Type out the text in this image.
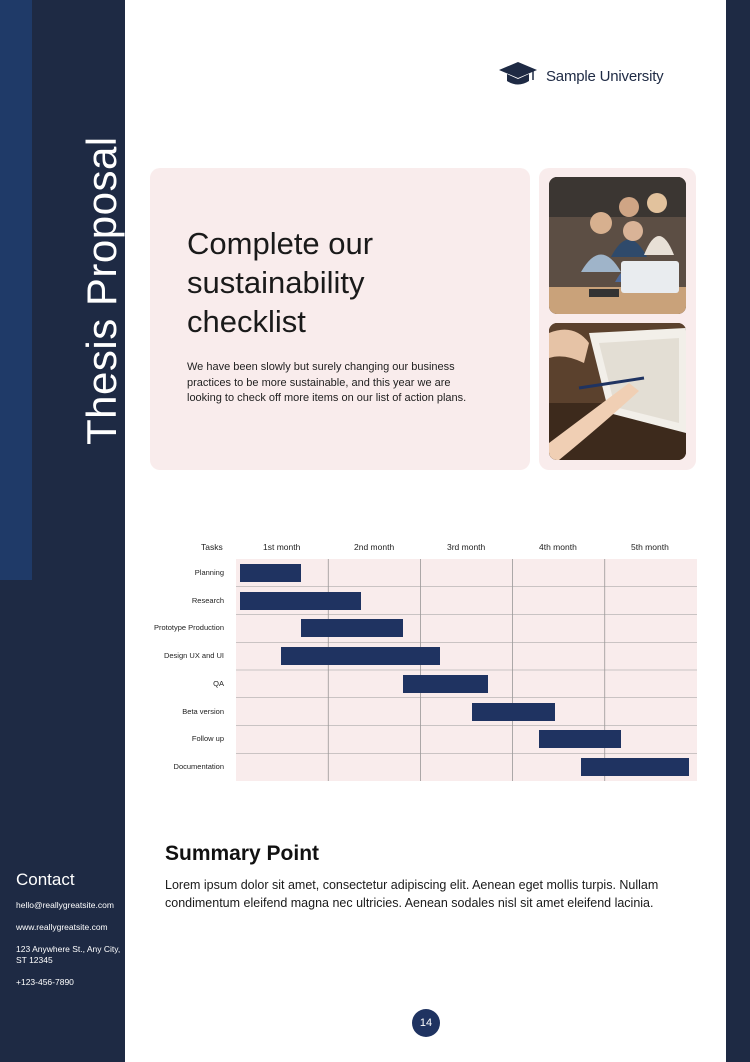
Thesis Proposal
Contact
hello@reallygreatsite.com
www.reallygreatsite.com
123 Anywhere St., Any City, ST 12345
+123-456-7890
Sample University
Complete our sustainability checklist
We have been slowly but surely changing our business practices to be more sustainable, and this year we are looking to check off more items on our list of action plans.
Tasks	1st month	2nd month	3rd month	4th month	5th month
Planning
Research
Prototype Production
Design UX and UI
QA
Beta version
Follow up
Documentation
Summary Point
Lorem ipsum dolor sit amet, consectetur adipiscing elit. Aenean eget mollis turpis. Nullam condimentum eleifend magna nec ultricies. Aenean sodales nisl sit amet eleifend lacinia.
14
